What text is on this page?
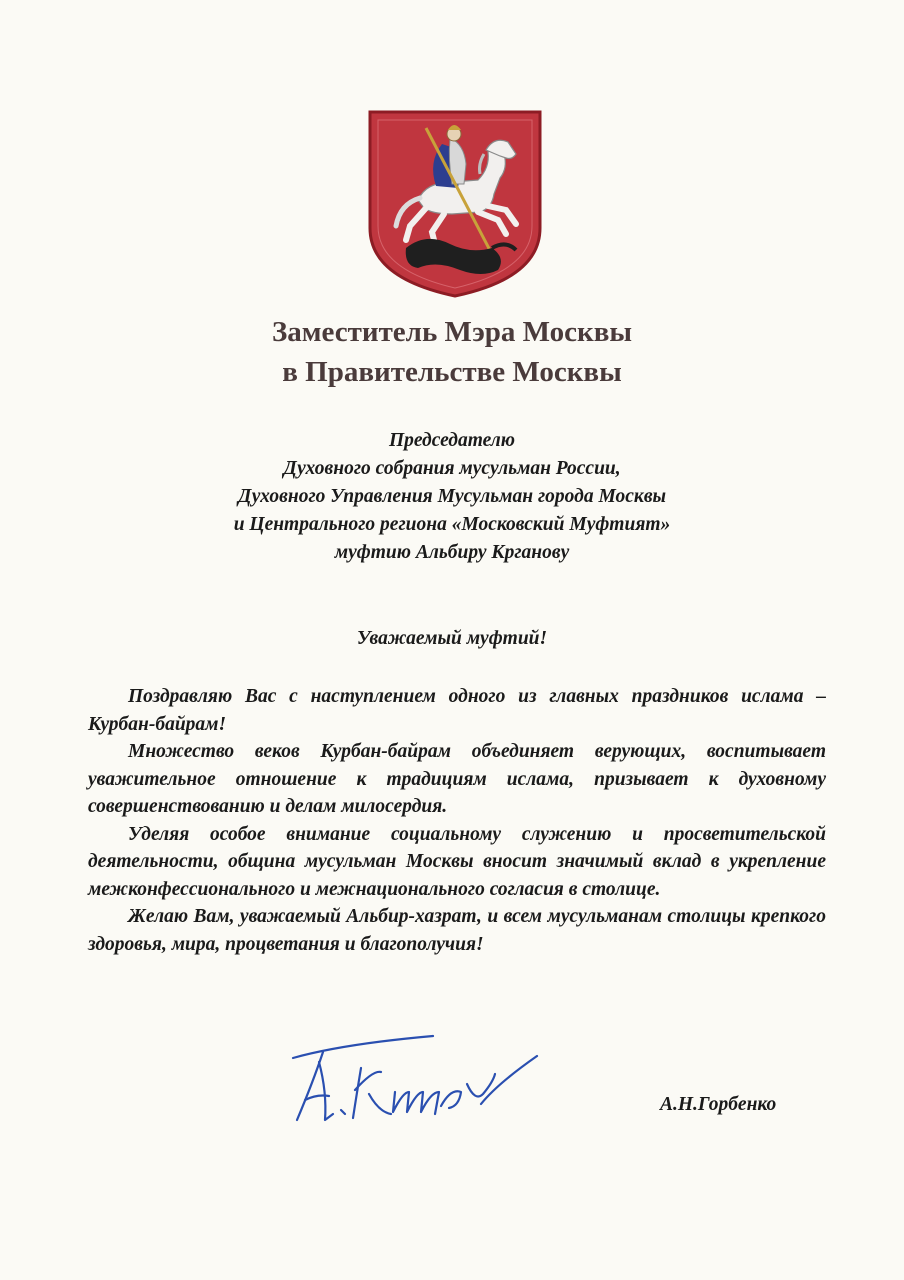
Заместитель Мэра Москвы
в Правительстве Москвы
Председателю
Духовного собрания мусульман России,
Духовного Управления Мусульман города Москвы
и Центрального региона «Московский Муфтият»
муфтию Альбиру Крганову
Уважаемый муфтий!

Поздравляю Вас с наступлением одного из главных праздников ислама – Курбан-байрам!

Множество веков Курбан-байрам объединяет верующих, воспитывает уважительное отношение к традициям ислама, призывает к духовному совершенствованию и делам милосердия.

Уделяя особое внимание социальному служению и просветительской деятельности, община мусульман Москвы вносит значимый вклад в укрепление межконфессионального и межнационального согласия в столице.

Желаю Вам, уважаемый Альбир-хазрат, и всем мусульманам столицы крепкого здоровья, мира, процветания и благополучия!

А.Н.Горбенко
